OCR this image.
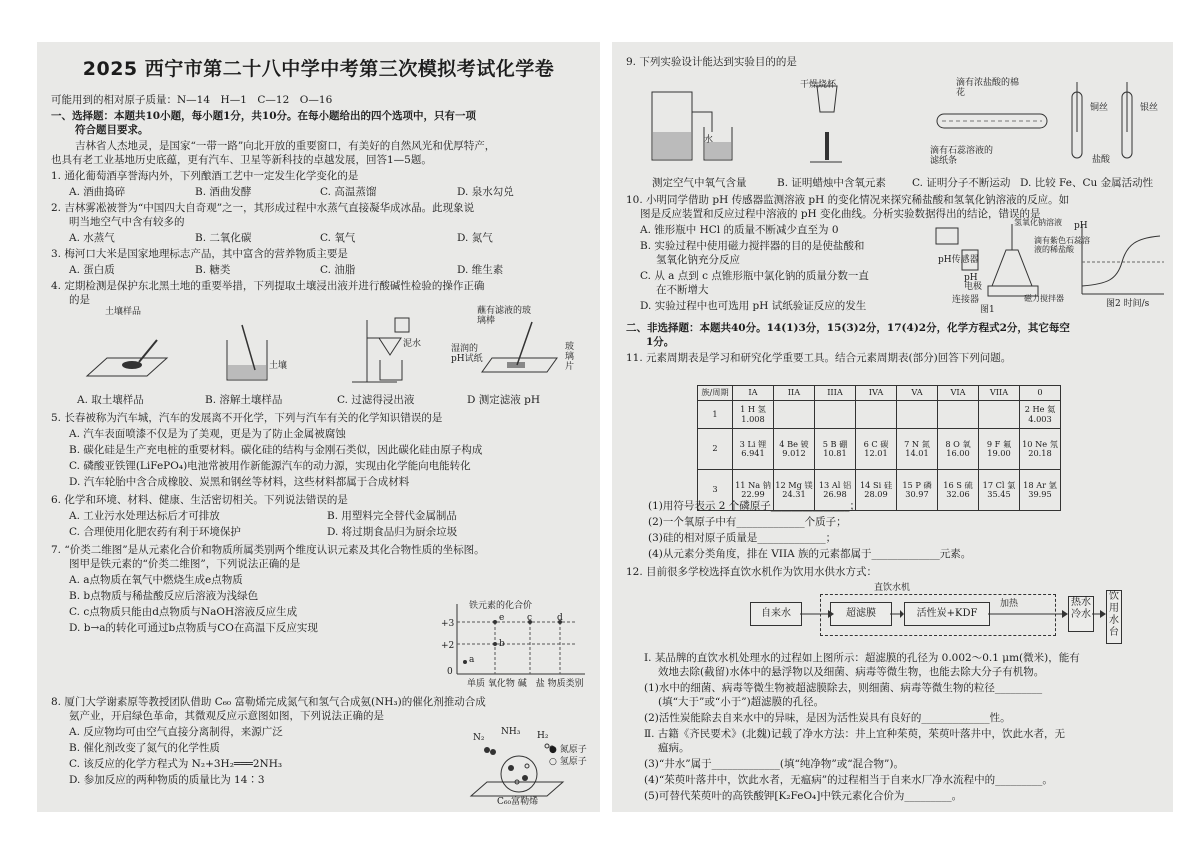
2025 西宁市第二十八中学中考第三次模拟考试化学卷
可能用到的相对原子质量：N—14　H—1　C—12　O—16
一、选择题：本题共10小题，每小题1分，共10分。在每小题给出的四个选项中，只有一项
符合题目要求。
吉林省人杰地灵，是国家“一带一路”向北开放的重要窗口，有美好的自然风光和优厚特产，
也具有老工业基地历史底蕴，更有汽车、卫星等新科技的卓越发展，回答1—5题。
1. 通化葡萄酒享誉海内外，下列酿酒工艺中一定发生化学变化的是
A. 酒曲捣碎	B. 酒曲发酵	C. 高温蒸馏	D. 泉水勾兑
2. 吉林雾凇被誉为“中国四大自奇观”之一，其形成过程中水蒸气直接凝华成冰晶。此现象说
明当地空气中含有较多的
A. 水蒸气	B. 二氧化碳	C. 氧气	D. 氮气
3. 梅河口大米是国家地理标志产品，其中富含的营养物质主要是
A. 蛋白质	B. 糖类	C. 油脂	D. 维生素
4. 定期检测是保护东北黑土地的重要举措，下列提取土壤浸出液并进行酸碱性检验的操作正确
的是
土壤样品
土壤
泥水
蘸有滤液的玻璃棒
湿润的pH试纸
玻璃片
A. 取土壤样品	B. 溶解土壤样品	C. 过滤得浸出液	D 测定滤液 pH
5. 长春被称为汽车城，汽车的发展离不开化学，下列与汽车有关的化学知识错误的是
A. 汽车表面喷漆不仅是为了美观，更是为了防止金属被腐蚀
B. 碳化硅是生产充电桩的重要材料。碳化硅的结构与金刚石类似，因此碳化硅由原子构成
C. 磷酸亚铁锂(LiFePO₄)电池常被用作新能源汽车的动力源，实现由化学能向电能转化
D. 汽车轮胎中含合成橡胶、炭黑和钢丝等材料，这些材料都属于合成材料
6. 化学和环境、材料、健康、生活密切相关。下列说法错误的是
A. 工业污水处理达标后才可排放	B. 用塑料完全替代金属制品
C. 合理使用化肥农药有利于环境保护	D. 将过期食品归为厨余垃圾
7. “价类二维图”是从元素化合价和物质所属类别两个维度认识元素及其化合物性质的坐标图。
图甲是铁元素的“价类二维图”，下列说法正确的是
A. a点物质在氧气中燃烧生成e点物质
B. b点物质与稀盐酸反应后溶液为浅绿色
C. c点物质只能由d点物质与NaOH溶液反应生成
D. b→a的转化可通过b点物质与CO在高温下反应实现
铁元素的化合价
+3
+2
0
单质 氧化物 碱　盐 物质类别
a
b
c	d
e
8. 厦门大学谢素原等教授团队借助 C₆₀ 富勒烯完成氮气和氢气合成氨(NH₃)的催化剂推动合成
氨产业，开启绿色革命，其微观反应示意图如图，下列说法正确的是
A. 反应物均可由空气直接分离制得，来源广泛
B. 催化剂改变了氮气的化学性质
C. 该反应的化学方程式为 N₂+3H₂═══2NH₃
D. 参加反应的两种物质的质量比为 14∶3
N₂
NH₃ H₂
● 氮原子
○ 氢原子
C₆₀富勒烯
9. 下列实验设计能达到实验目的的是
水
干燥烧杯	滴有浓盐酸的棉花
滴有石蕊溶液的滤纸条
铜丝	银丝
盐酸
测定空气中氧气含量	B. 证明蜡烛中含氧元素 C. 证明分子不断运动 D. 比较 Fe、Cu 金属活动性
10. 小明同学借助 pH 传感器监测溶液 pH 的变化情况来探究稀盐酸和氢氧化钠溶液的反应。如
图是反应装置和反应过程中溶液的 pH 变化曲线。分析实验数据得出的结论，错误的是
A. 锥形瓶中 HCl 的质量不断减少直至为 0
B. 实验过程中使用磁力搅拌器的目的是使盐酸和
氢氧化钠充分反应
C. 从 a 点到 c 点锥形瓶中氯化钠的质量分数一直
在不断增大
D. 实验过程中也可选用 pH 试纸验证反应的发生
pH传感器
pH电极
氢氧化钠溶液
滴有紫色石蕊溶液的稀盐酸
磁力搅拌器
连接器
图1
图2 时间/s
pH
二、非选择题：本题共40分。14(1)3分，15(3)2分，17(4)2分，化学方程式2分，其它每空
1分。
11. 元素周期表是学习和研究化学重要工具。结合元素周期表(部分)回答下列问题。
族/周期	IA	IIA	IIIA	IVA	VA	VIA	VIIA	0
1	1 H 氢 1.008							2 He 氦 4.003
2	3 Li 锂 6.941	4 Be 铍 9.012	5 B 硼 10.81	6 C 碳 12.01	7 N 氮 14.01	8 O 氧 16.00	9 F 氟 19.00	10 Ne 氖 20.18
3	11 Na 钠 22.99	12 Mg 镁 24.31	13 Al 铝 26.98	14 Si 硅 28.09	15 P 磷 30.97	16 S 硫 32.06	17 Cl 氯 35.45	18 Ar 氩 39.95
(1)用符号表示 2 个磷原子_______________；
(2)一个氧原子中有_____________个质子；
(3)硅的相对原子质量是_____________；
(4)从元素分类角度，排在 VIIA 族的元素都属于_____________元素。
12. 目前很多学校选择直饮水机作为饮用水供水方式：
直饮水机
自来水	超滤膜	活性炭+KDF
加热	热水
冷水
饮用水台
Ⅰ. 某品牌的直饮水机处理水的过程如上图所示：超滤膜的孔径为 0.002～0.1 μm(微米)，能有
效地去除(截留)水体中的悬浮物以及细菌、病毒等微生物，也能去除大分子有机物。
(1)水中的细菌、病毒等微生物被超滤膜除去，则细菌、病毒等微生物的粒径_________
(填“大于”或“小于”)超滤膜的孔径。
(2)活性炭能除去自来水中的异味，是因为活性炭具有良好的_____________性。
Ⅱ. 古籍《齐民要术》(北魏)记载了净水方法：井上宜种茱萸，茱萸叶落井中，饮此水者，无
瘟病。
(3)“井水”属于_____________(填“纯净物”或“混合物”)。
(4)“茱萸叶落井中，饮此水者，无瘟病”的过程相当于自来水厂净水流程中的_________。
(5)可替代茱萸叶的高铁酸钾[K₂FeO₄]中铁元素化合价为_________。
